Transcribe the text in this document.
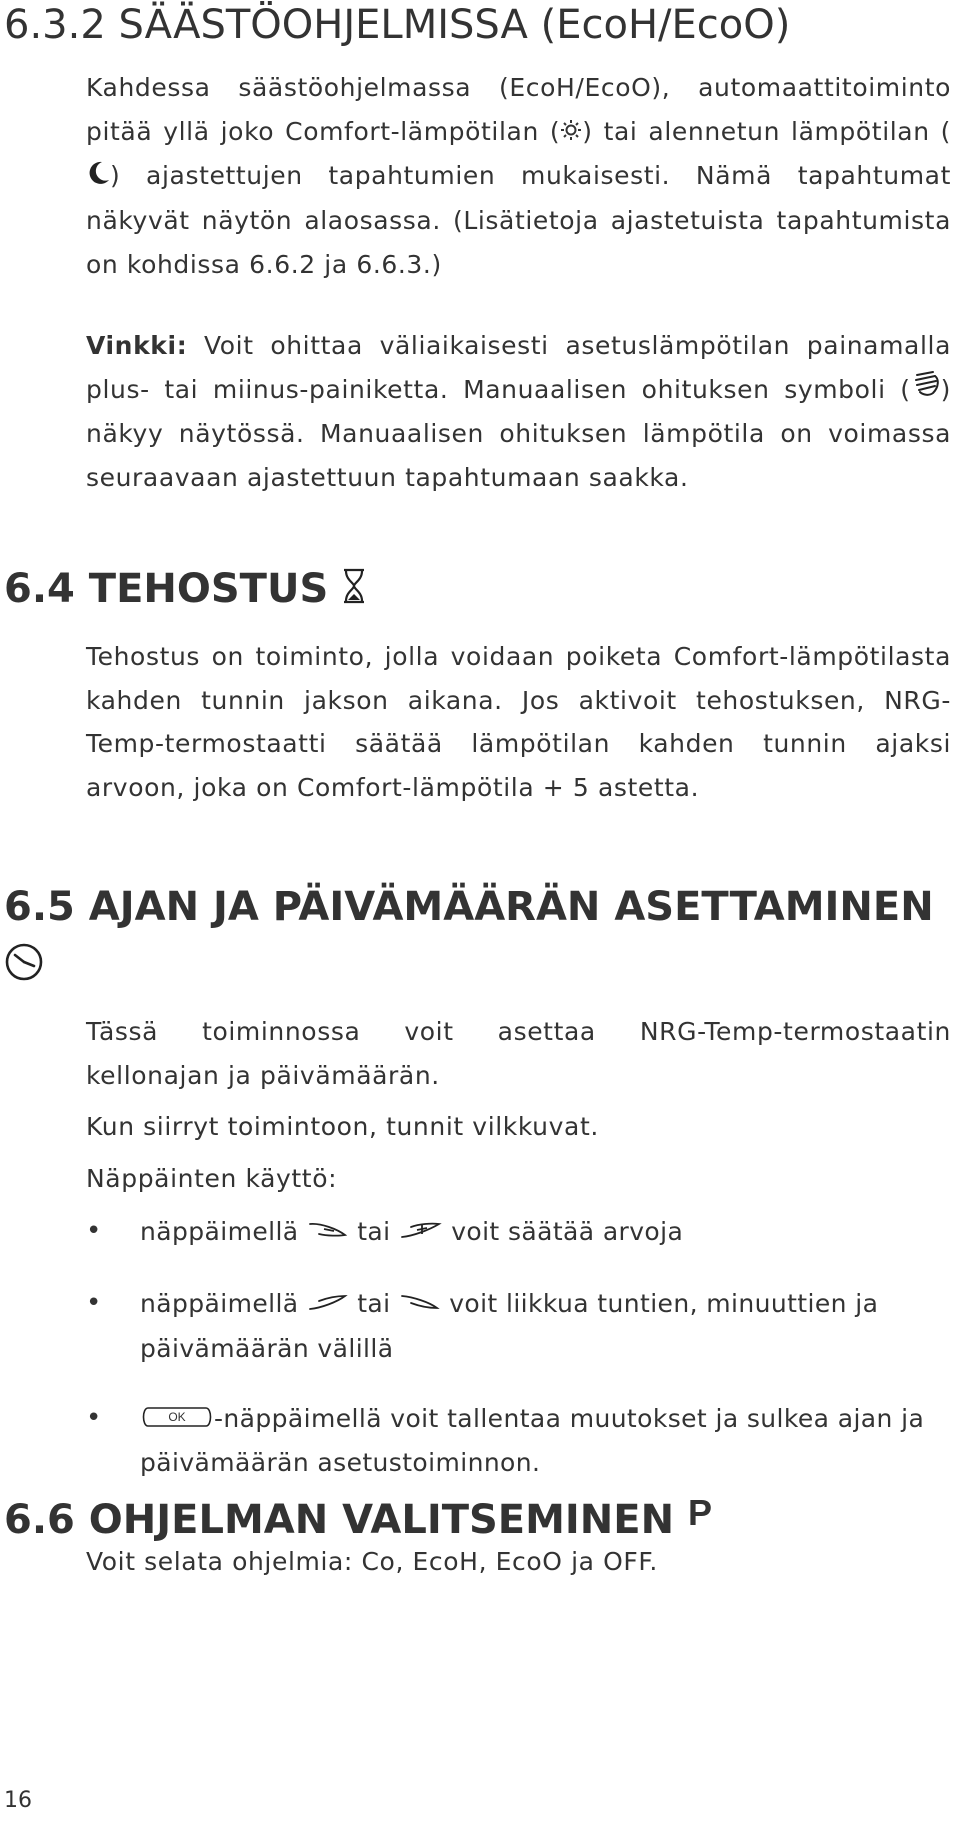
6.3.2 SÄÄSTÖOHJELMISSA (EcoH/EcoO)

Kahdessa säästöohjelmassa (EcoH/EcoO), automaattitoiminto pitää yllä joko Comfort-lämpötilan ( ) tai alennetun lämpötilan () ajastettujen tapahtumien mukaisesti. Nämä tapahtumat näkyvät näytön alaosassa. (Lisätietoja ajastetuista tapahtumista on kohdissa 6.6.2 ja 6.6.3.)

Vinkki: Voit ohittaa väliaikaisesti asetuslämpötilan painamalla plus- tai miinus-painiketta. Manuaalisen ohituksen symboli ( ) näkyy näytössä. Manuaalisen ohituksen lämpötila on voimassa seuraavaan ajastettuun tapahtumaan saakka.

6.4 TEHOSTUS

Tehostus on toiminto, jolla voidaan poiketa Comfort-lämpötilasta kahden tunnin jakson aikana. Jos aktivoit tehostuksen, NRG-Temp-termostaatti säätää lämpötilan kahden tunnin ajaksi arvoon, joka on Comfort-lämpötila + 5 astetta.

6.5 AJAN JA PÄIVÄMÄÄRÄN ASETTAMINEN

Tässä toiminnossa voit asettaa NRG-Temp-termostaatin kellonajan ja päivämäärän.

Kun siirryt toimintoon, tunnit vilkkuvat.

Näppäinten käyttö:

• näppäimellä  tai  voit säätää arvoja
• näppäimellä  tai  voit liikkua tuntien, minuuttien ja päivämäärän välillä
•	OK	-näppäimellä voit tallentaa muutokset ja sulkea ajan ja päivämäärän asetustoiminnon.
6.6 OHJELMAN VALITSEMINEN P

Voit selata ohjelmia: Co, EcoH, EcoO ja OFF.

16
